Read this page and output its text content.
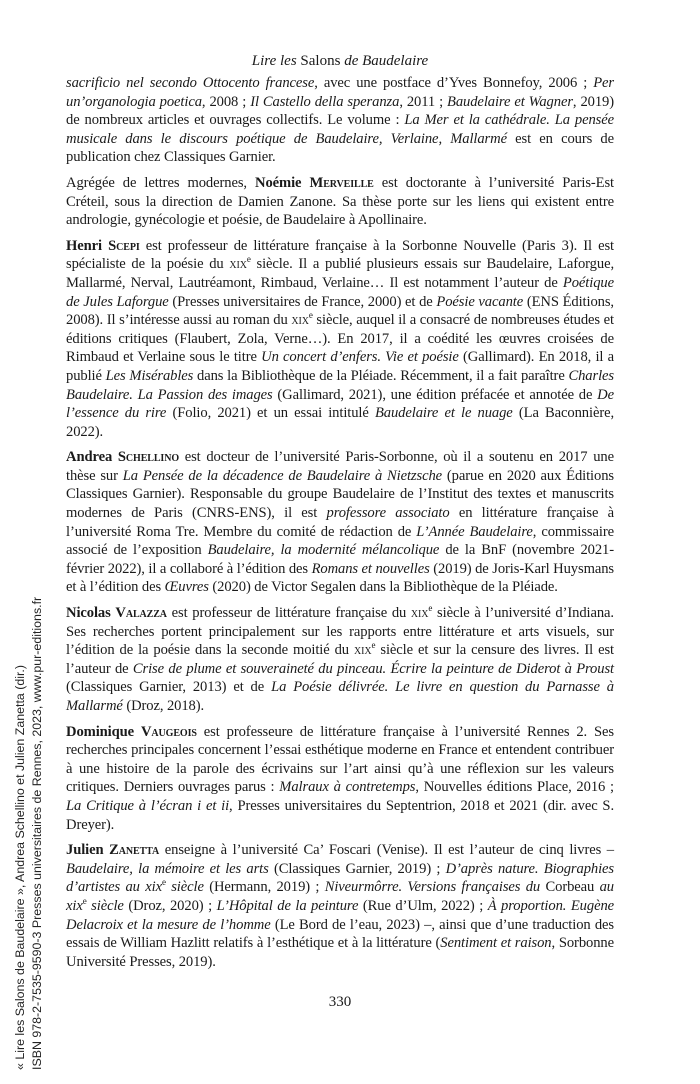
Lire les Salons de Baudelaire

sacrificio nel secondo Ottocento francese, avec une postface d’Yves Bonnefoy, 2006 ; Per un’organologia poetica, 2008 ; Il Castello della speranza, 2011 ; Baudelaire et Wagner, 2019) de nombreux articles et ouvrages collectifs. Le volume : La Mer et la cathédrale. La pensée musicale dans le discours poétique de Baudelaire, Verlaine, Mallarmé est en cours de publication chez Classiques Garnier.

Agrégée de lettres modernes, Noémie Merveille est doctorante à l’université Paris-Est Créteil, sous la direction de Damien Zanone. Sa thèse porte sur les liens qui existent entre andrologie, gynécologie et poésie, de Baudelaire à Apollinaire.

Henri Scepi est professeur de littérature française à la Sorbonne Nouvelle (Paris 3). Il est spécialiste de la poésie du xix$^e$ siècle. Il a publié plusieurs essais sur Baudelaire, Laforgue, Mallarmé, Nerval, Lautréamont, Rimbaud, Verlaine… Il est notamment l’auteur de Poétique de Jules Laforgue (Presses universitaires de France, 2000) et de Poésie vacante (ENS Éditions, 2008). Il s’intéresse aussi au roman du xix$^e$ siècle, auquel il a consacré de nombreuses études et éditions critiques (Flaubert, Zola, Verne…). En 2017, il a coédité les œuvres croisées de Rimbaud et Verlaine sous le titre Un concert d’enfers. Vie et poésie (Gallimard). En 2018, il a publié Les Misérables dans la Bibliothèque de la Pléiade. Récemment, il a fait paraître Charles Baudelaire. La Passion des images (Gallimard, 2021), une édition préfacée et annotée de De l’essence du rire (Folio, 2021) et un essai intitulé Baudelaire et le nuage (La Baconnière, 2022).

Andrea Schellino est docteur de l’université Paris-Sorbonne, où il a soutenu en 2017 une thèse sur La Pensée de la décadence de Baudelaire à Nietzsche (parue en 2020 aux Éditions Classiques Garnier). Responsable du groupe Baudelaire de l’Institut des textes et manuscrits modernes de Paris (CNRS-ENS), il est professore associato en littérature française à l’université Roma Tre. Membre du comité de rédaction de L’Année Baudelaire, commissaire associé de l’exposition Baudelaire, la modernité mélancolique de la BnF (novembre 2021-février 2022), il a collaboré à l’édition des Romans et nouvelles (2019) de Joris-Karl Huysmans et à l’édition des Œuvres (2020) de Victor Segalen dans la Bibliothèque de la Pléiade.

Nicolas Valazza est professeur de littérature française du xix$^e$ siècle à l’université d’Indiana. Ses recherches portent principalement sur les rapports entre littérature et arts visuels, sur l’édition de la poésie dans la seconde moitié du xix$^e$ siècle et sur la censure des livres. Il est l’auteur de Crise de plume et souveraineté du pinceau. Écrire la peinture de Diderot à Proust (Classiques Garnier, 2013) et de La Poésie délivrée. Le livre en question du Parnasse à Mallarmé (Droz, 2018).

Dominique Vaugeois est professeure de littérature française à l’université Rennes 2. Ses recherches principales concernent l’essai esthétique moderne en France et entendent contribuer à une histoire de la parole des écrivains sur l’art ainsi qu’à une réflexion sur les valeurs critiques. Derniers ouvrages parus : Malraux à contretemps, Nouvelles éditions Place, 2016 ; La Critique à l’écran i et ii, Presses universitaires du Septentrion, 2018 et 2021 (dir. avec S. Dreyer).

Julien Zanetta enseigne à l’université Ca’ Foscari (Venise). Il est l’auteur de cinq livres – Baudelaire, la mémoire et les arts (Classiques Garnier, 2019) ; D’après nature. Biographies d’artistes au xix$^e$ siècle (Hermann, 2019) ; Niveurmôrre. Versions françaises du Corbeau au xix$^e$ siècle (Droz, 2020) ; L’Hôpital de la peinture (Rue d’Ulm, 2022) ; À proportion. Eugène Delacroix et la mesure de l’homme (Le Bord de l’eau, 2023) –, ainsi que d’une traduction des essais de William Hazlitt relatifs à l’esthétique et à la littérature (Sentiment et raison, Sorbonne Université Presses, 2019).

330
« Lire les Salons de Baudelaire », Andrea Schellino et Julien Zanetta (dir.) ISBN 978-2-7535-9590-3 Presses universitaires de Rennes, 2023, www.pur-editions.fr
